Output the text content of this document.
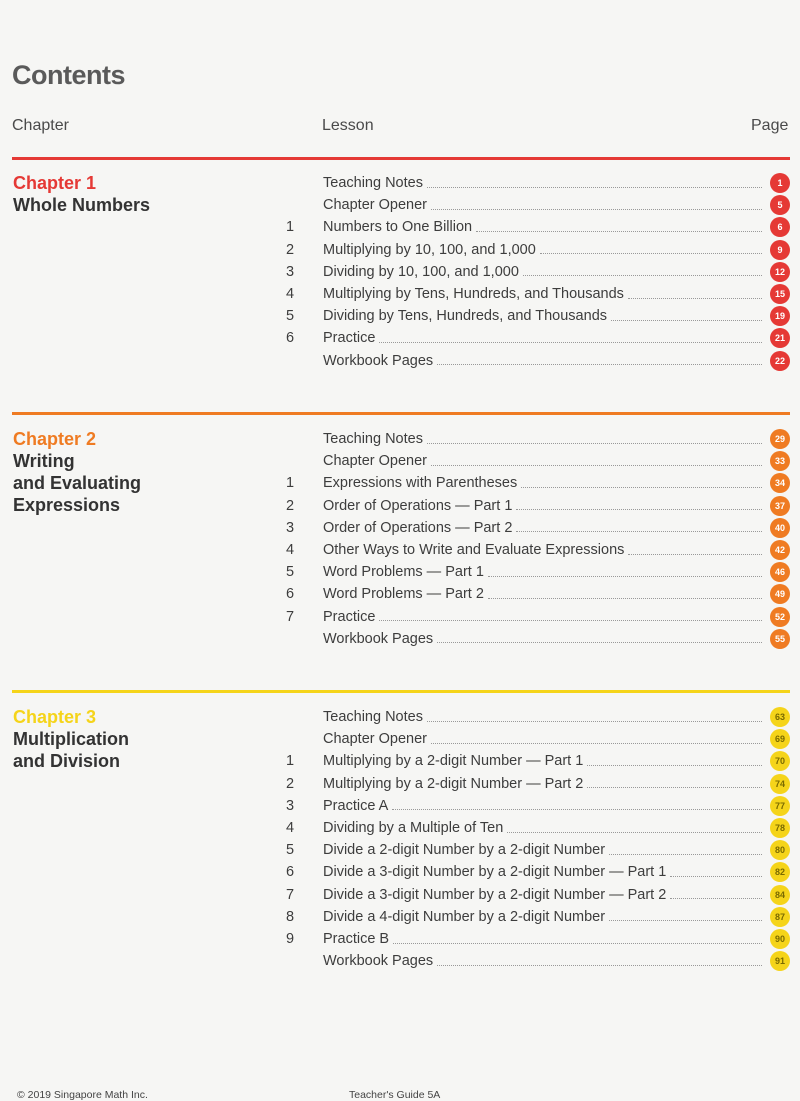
Contents
Chapter	Lesson	Page
Chapter 1
Whole Numbers
Teaching Notes	1
Chapter Opener	5
1	Numbers to One Billion	6
2	Multiplying by 10, 100, and 1,000	9
3	Dividing by 10, 100, and 1,000	12
4	Multiplying by Tens, Hundreds, and Thousands	15
5	Dividing by Tens, Hundreds, and Thousands	19
6	Practice	21
Workbook Pages	22
Chapter 2
Writing
and Evaluating
Expressions
Teaching Notes	29
Chapter Opener	33
1	Expressions with Parentheses	34
2	Order of Operations — Part 1	37
3	Order of Operations — Part 2	40
4	Other Ways to Write and Evaluate Expressions	42
5	Word Problems — Part 1	46
6	Word Problems — Part 2	49
7	Practice	52
Workbook Pages	55
Chapter 3
Multiplication
and Division
Teaching Notes	63
Chapter Opener	69
1	Multiplying by a 2-digit Number — Part 1	70
2	Multiplying by a 2-digit Number — Part 2	74
3	Practice A	77
4	Dividing by a Multiple of Ten	78
5	Divide a 2-digit Number by a 2-digit Number	80
6	Divide a 3-digit Number by a 2-digit Number — Part 1	82
7	Divide a 3-digit Number by a 2-digit Number — Part 2	84
8	Divide a 4-digit Number by a 2-digit Number	87
9	Practice B	90
Workbook Pages	91
© 2019 Singapore Math Inc.	Teacher's Guide 5A
